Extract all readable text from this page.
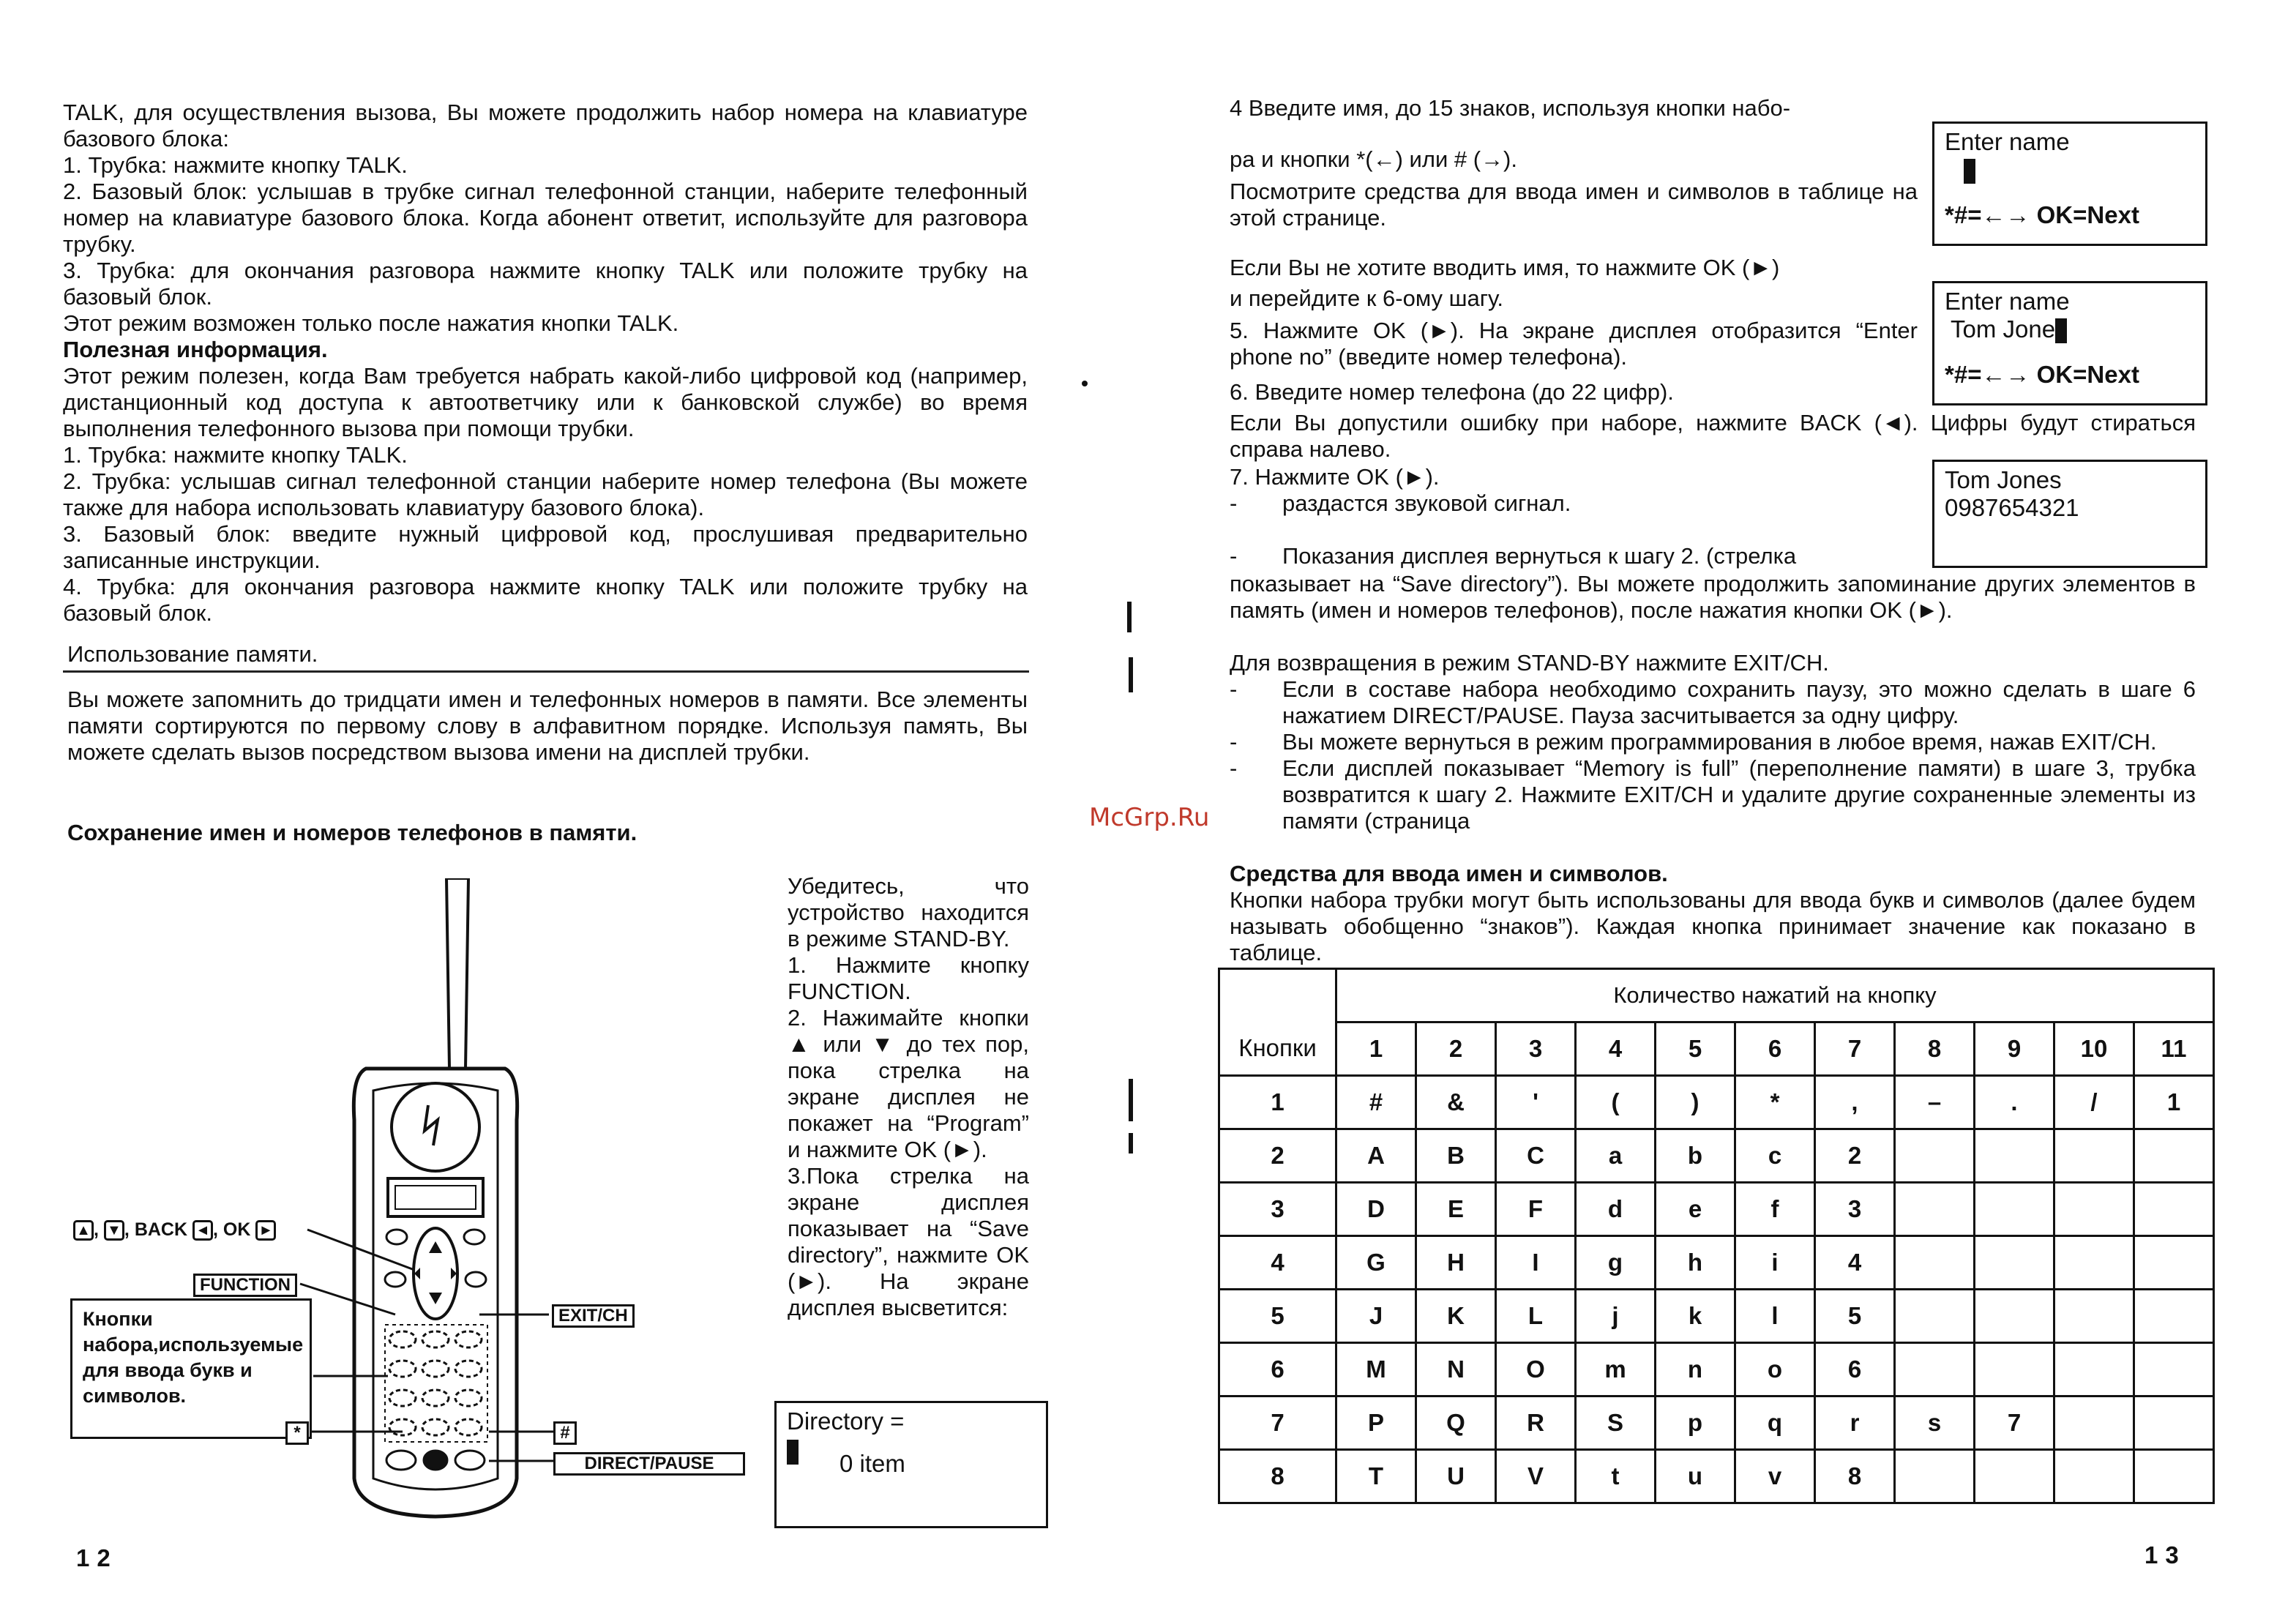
TALK, для осуществления вызова, Вы можете продолжить набор номера на клавиатуре базового блока:

1. Трубка: нажмите кнопку TALK.

2. Базовый блок: услышав в трубке сигнал телефонной станции, наберите телефонный номер на клавиатуре базового блока. Когда абонент ответит, используйте для разговора трубку.

3. Трубка: для окончания разговора нажмите кнопку TALK или положите трубку на базовый блок.

Этот режим возможен только после нажатия кнопки TALK.

Полезная информация.

Этот режим полезен, когда Вам требуется набрать какой-либо цифровой код (например, дистанционный код доступа к автоответчику или к банковской службе) во время выполнения телефонного вызова при помощи трубки.

1. Трубка: нажмите кнопку TALK.

2. Трубка: услышав сигнал телефонной станции наберите номер телефона (Вы можете также для набора использовать клавиатуру базового блока).

3. Базовый блок: введите нужный цифровой код, прослушивая предварительно записанные инструкции.

4. Трубка: для окончания разговора нажмите кнопку TALK или положите трубку на базовый блок.

Использование памяти.
Вы можете запомнить до тридцати имен и телефонных номеров в памяти. Все элементы памяти сортируются по первому слову в алфавитном порядке. Используя память, Вы можете сделать вызов посредством вызова имени на дисплей трубки.
Сохранение имен и номеров телефонов в памяти.

Убедитесь, что устройство находится в режиме STAND-BY.

1. Нажмите кнопку FUNCTION.

2. Нажимайте кнопки ▲ или ▼ до тех пор, пока стрелка на экране дисплея не покажет на “Program” и нажмите OK (►).

3.Пока стрелка на экране дисплея показывает на “Save directory”, нажмите OK (►). На экране дисплея высветится:

Directory =
0 item
▲ , ▼ , BACK ◄ , OK ►
FUNCTION
EXIT/CH
Кнопки набора,используемые для ввода букв и символов.
*	#
DIRECT/PAUSE
12
McGrp.Ru
4 Введите имя, до 15 знаков, используя кнопки набо-
ра и кнопки *(←) или # (→).
Посмотрите средства для ввода имен и символов в таблице на этой странице.
Если Вы не хотите вводить имя, то нажмите OK (►)
и перейдите к 6-ому шагу.
5. Нажмите OK (►). На экране дисплея отобразится “Enter phone no” (введите номер телефона).
6. Введите номер телефона (до 22 цифр).
Если Вы допустили ошибку при наборе, нажмите BACK (◄). Цифры будут стираться справа налево.
7. Нажмите OK (►).
- раздастся звуковой сигнал.
- Показания дисплея вернуться к шагу 2. (стрелка
показывает на “Save directory”). Вы можете продолжить запоминание других элементов в память (имен и номеров телефонов), после нажатия кнопки OK (►).
Для возвращения в режим STAND-BY нажмите EXIT/CH.

- Если в составе набора необходимо сохранить паузу, это можно сделать в шаге 6 нажатием DIRECT/PAUSE. Пауза засчитывается за одну цифру.

- Вы можете вернуться в режим программирования в любое время, нажав EXIT/CH.

- Если дисплей показывает “Memory is full” (переполнение памяти) в шаге 3, трубка возвратится к шагу 2. Нажмите EXIT/CH и удалите другие сохраненные элементы из памяти (страница

Средства для ввода имен и символов.
Кнопки набора трубки могут быть использованы для ввода букв и символов (далее будем называть обобщенно “знаков”). Каждая кнопка принимает значение как показано в таблице.
Enter name
*#=←→ OK=Next
Enter name
Tom Jone
*#=←→ OK=Next
Tom Jones
0987654321
	Количество нажатий на кнопку										
Кнопки	1	2	3	4	5	6	7	8	9	10	11
1	#	&	'	(	)	*	,	–	.	/	1
2	A	B	C	a	b	c	2				
3	D	E	F	d	e	f	3				
4	G	H	I	g	h	i	4				
5	J	K	L	j	k	l	5				
6	M	N	O	m	n	o	6				
7	P	Q	R	S	p	q	r	s	7		
8	T	U	V	t	u	v	8				
13
